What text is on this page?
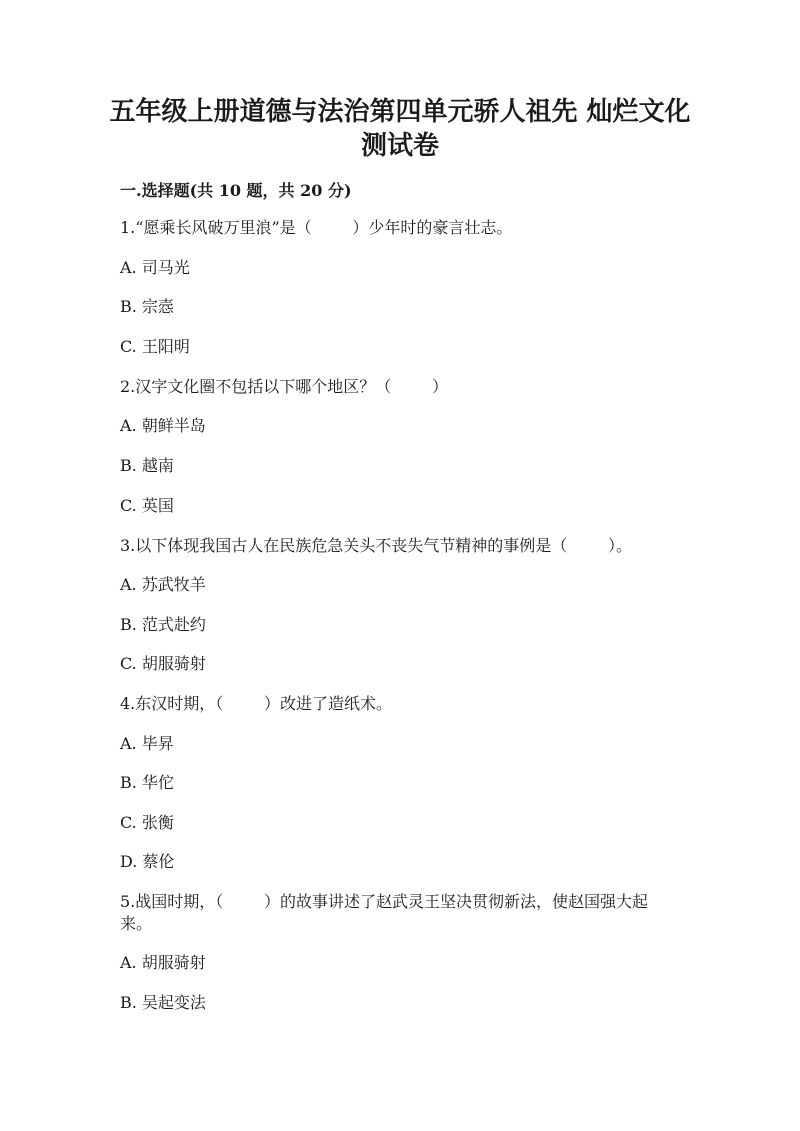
五年级上册道德与法治第四单元骄人祖先 灿烂文化
测试卷

一.选择题(共 10 题，共 20 分)

1.“愿乘长风破万里浪”是（        ）少年时的豪言壮志。

A. 司马光

B. 宗悫

C. 王阳明

2.汉字文化圈不包括以下哪个地区？（        ）

A. 朝鲜半岛

B. 越南

C. 英国

3.以下体现我国古人在民族危急关头不丧失气节精神的事例是（        ）。

A. 苏武牧羊

B. 范式赴约

C. 胡服骑射

4.东汉时期，（        ）改进了造纸术。

A. 毕昇

B. 华佗

C. 张衡

D. 蔡伦

5.战国时期，（        ）的故事讲述了赵武灵王坚决贯彻新法，使赵国强大起

来。

A. 胡服骑射

B. 吴起变法
